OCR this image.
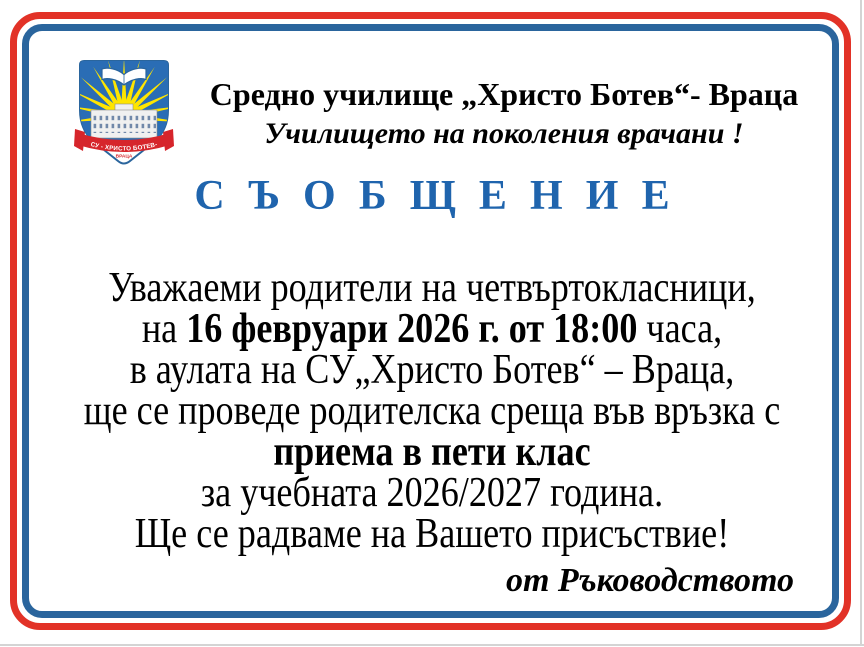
СУ - ХРИСТО БОТЕВ-
ВРАЦА
Средно училище „Христо Ботев“- Враца
Училището на поколения врачани !
С Ъ О Б Щ Е Н И Е
Уважаеми родители на четвъртокласници,
на 16 февруари 2026 г. от 18:00 часа,
в аулата на СУ„Христо Ботев“ – Враца,
ще се проведе родителска среща във връзка с
приема в пети клас
за учебната 2026/2027 година.
Ще се радваме на Вашето присъствие!
от Ръководството
